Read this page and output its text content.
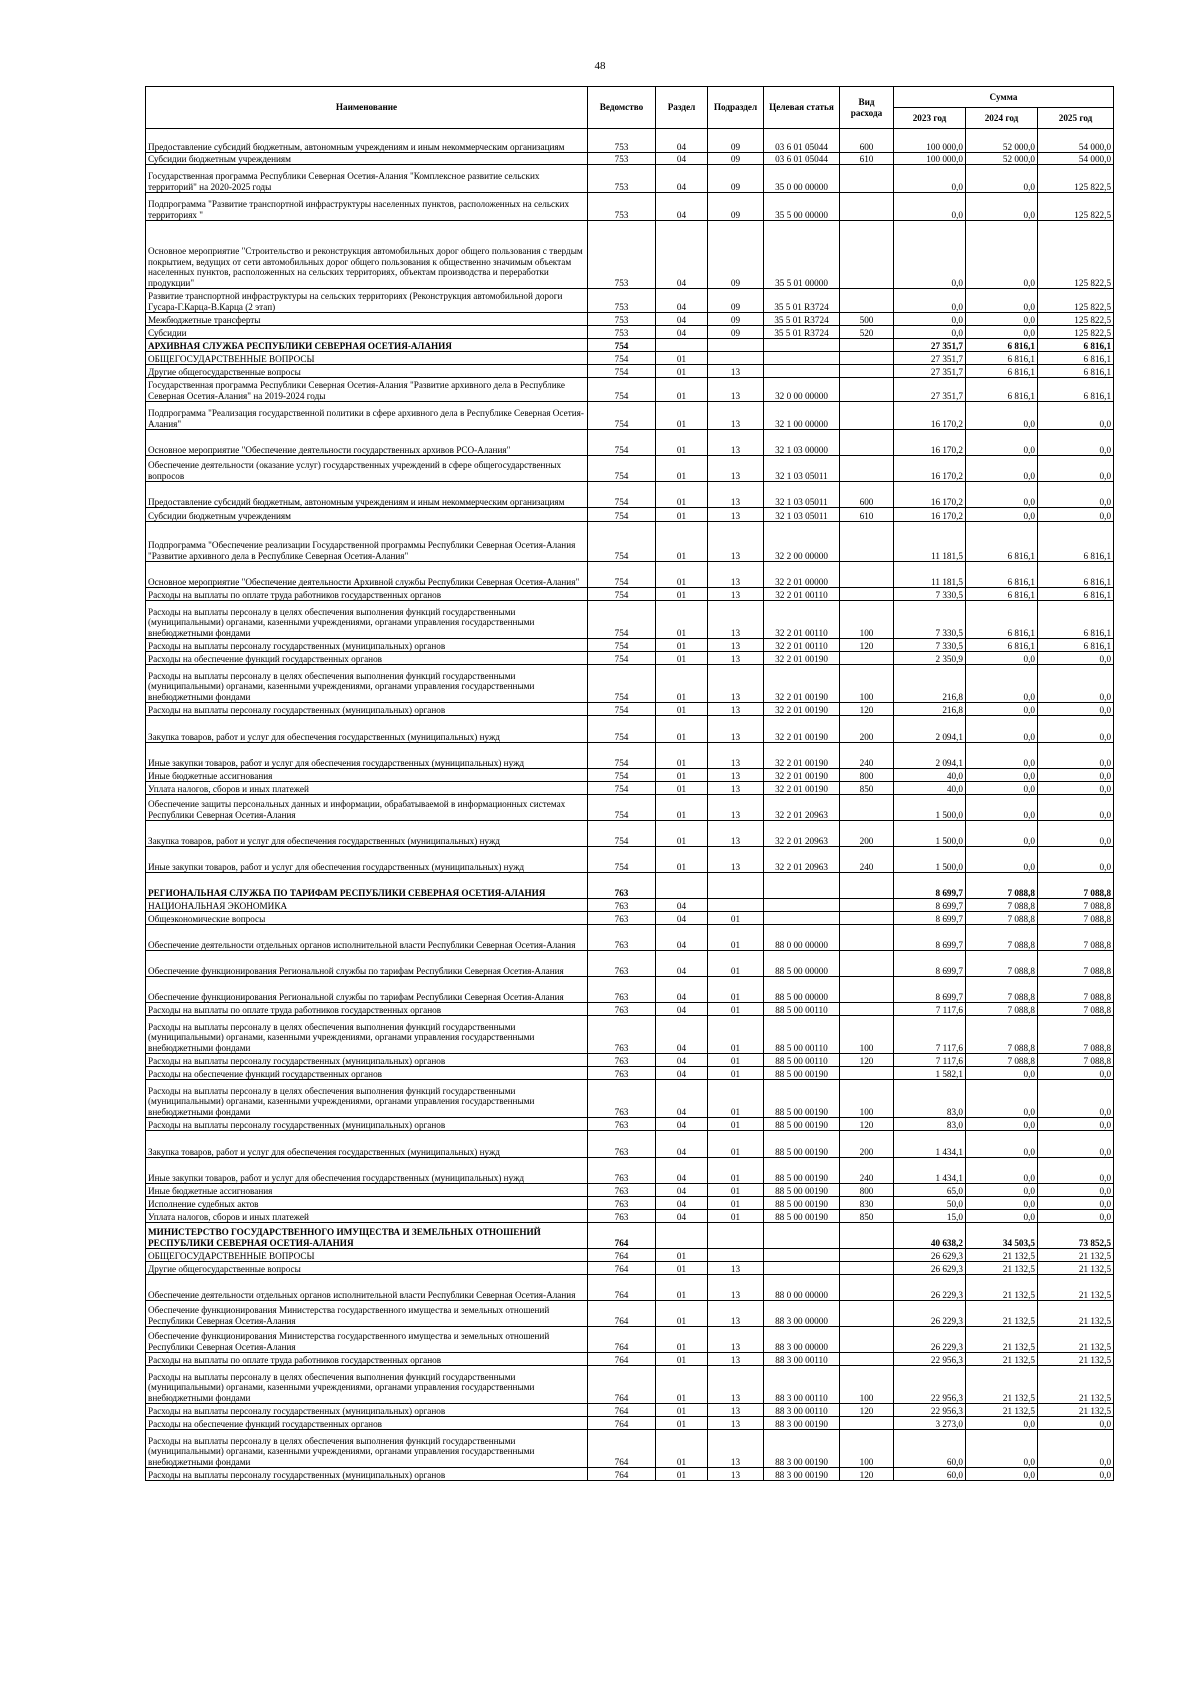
48
Наименование	Ведомство	Раздел	Подраздел	Целевая статья	Вид расхода	Сумма		
						2023 год	2024 год	2025 год
Предоставление субсидий бюджетным, автономным учреждениям и иным некоммерческим организациям	753	04	09	03 6 01 05044	600	100 000,0	52 000,0	54 000,0
Субсидии бюджетным учреждениям	753	04	09	03 6 01 05044	610	100 000,0	52 000,0	54 000,0
Государственная программа Республики Северная Осетия-Алания "Комплексное развитие сельских территорий" на 2020-2025 годы	753	04	09	35 0 00 00000		0,0	0,0	125 822,5
Подпрограмма "Развитие транспортной инфраструктуры населенных пунктов, расположенных на сельских территориях "	753	04	09	35 5 00 00000		0,0	0,0	125 822,5
Основное мероприятие "Строительство и реконструкция автомобильных дорог общего пользования с твердым покрытием, ведущих от сети автомобильных дорог общего пользования к общественно значимым объектам населенных пунктов, расположенных на сельских территориях, объектам производства и переработки продукции"	753	04	09	35 5 01 00000		0,0	0,0	125 822,5
Развитие транспортной инфраструктуры на сельских территориях (Реконструкция автомобильной дороги Гусара-Г.Карца-В.Карца (2 этап)	753	04	09	35 5 01 R3724		0,0	0,0	125 822,5
Межбюджетные трансферты	753	04	09	35 5 01 R3724	500	0,0	0,0	125 822,5
Субсидии	753	04	09	35 5 01 R3724	520	0,0	0,0	125 822,5
АРХИВНАЯ СЛУЖБА РЕСПУБЛИКИ СЕВЕРНАЯ ОСЕТИЯ-АЛАНИЯ	754					27 351,7	6 816,1	6 816,1
ОБЩЕГОСУДАРСТВЕННЫЕ ВОПРОСЫ	754	01				27 351,7	6 816,1	6 816,1
Другие общегосударственные вопросы	754	01	13			27 351,7	6 816,1	6 816,1
Государственная программа Республики Северная Осетия-Алания "Развитие архивного дела в Республике Северная Осетия-Алания" на 2019-2024 годы	754	01	13	32 0 00 00000		27 351,7	6 816,1	6 816,1
Подпрограмма "Реализация государственной политики в сфере архивного дела в Республике Северная Осетия-Алания"	754	01	13	32 1 00 00000		16 170,2	0,0	0,0
Основное мероприятие "Обеспечение деятельности государственных архивов РСО-Алания"	754	01	13	32 1 03 00000		16 170,2	0,0	0,0
Обеспечение деятельности (оказание услуг) государственных учреждений в сфере общегосударственных вопросов	754	01	13	32 1 03 05011		16 170,2	0,0	0,0
Предоставление субсидий бюджетным, автономным учреждениям и иным некоммерческим организациям	754	01	13	32 1 03 05011	600	16 170,2	0,0	0,0
Субсидии бюджетным учреждениям	754	01	13	32 1 03 05011	610	16 170,2	0,0	0,0
Подпрограмма "Обеспечение реализации Государственной программы Республики Северная Осетия-Алания "Развитие архивного дела в Республике Северная Осетия-Алания"	754	01	13	32 2 00 00000		11 181,5	6 816,1	6 816,1
Основное мероприятие "Обеспечение деятельности Архивной службы Республики Северная Осетия-Алания"	754	01	13	32 2 01 00000		11 181,5	6 816,1	6 816,1
Расходы на выплаты по оплате труда работников государственных органов	754	01	13	32 2 01 00110		7 330,5	6 816,1	6 816,1
Расходы на выплаты персоналу в целях обеспечения выполнения функций государственными (муниципальными) органами, казенными учреждениями, органами управления государственными внебюджетными фондами	754	01	13	32 2 01 00110	100	7 330,5	6 816,1	6 816,1
Расходы на выплаты персоналу государственных (муниципальных) органов	754	01	13	32 2 01 00110	120	7 330,5	6 816,1	6 816,1
Расходы на обеспечение функций государственных органов	754	01	13	32 2 01 00190		2 350,9	0,0	0,0
Расходы на выплаты персоналу в целях обеспечения выполнения функций государственными (муниципальными) органами, казенными учреждениями, органами управления государственными внебюджетными фондами	754	01	13	32 2 01 00190	100	216,8	0,0	0,0
Расходы на выплаты персоналу государственных (муниципальных) органов	754	01	13	32 2 01 00190	120	216,8	0,0	0,0
Закупка товаров, работ и услуг для обеспечения государственных (муниципальных) нужд	754	01	13	32 2 01 00190	200	2 094,1	0,0	0,0
Иные закупки товаров, работ и услуг для обеспечения государственных (муниципальных) нужд	754	01	13	32 2 01 00190	240	2 094,1	0,0	0,0
Иные бюджетные ассигнования	754	01	13	32 2 01 00190	800	40,0	0,0	0,0
Уплата налогов, сборов и иных платежей	754	01	13	32 2 01 00190	850	40,0	0,0	0,0
Обеспечение защиты персональных данных и информации, обрабатываемой в информационных системах Республики Северная Осетия-Алания	754	01	13	32 2 01 20963		1 500,0	0,0	0,0
Закупка товаров, работ и услуг для обеспечения государственных (муниципальных) нужд	754	01	13	32 2 01 20963	200	1 500,0	0,0	0,0
Иные закупки товаров, работ и услуг для обеспечения государственных (муниципальных) нужд	754	01	13	32 2 01 20963	240	1 500,0	0,0	0,0
РЕГИОНАЛЬНАЯ СЛУЖБА ПО ТАРИФАМ РЕСПУБЛИКИ СЕВЕРНАЯ ОСЕТИЯ-АЛАНИЯ	763					8 699,7	7 088,8	7 088,8
НАЦИОНАЛЬНАЯ ЭКОНОМИКА	763	04				8 699,7	7 088,8	7 088,8
Общеэкономические вопросы	763	04	01			8 699,7	7 088,8	7 088,8
Обеспечение деятельности отдельных органов исполнительной власти Республики Северная Осетия-Алания	763	04	01	88 0 00 00000		8 699,7	7 088,8	7 088,8
Обеспечение функционирования Региональной службы по тарифам Республики Северная Осетия-Алания	763	04	01	88 5 00 00000		8 699,7	7 088,8	7 088,8
Обеспечение функционирования Региональной службы по тарифам Республики Северная Осетия-Алания	763	04	01	88 5 00 00000		8 699,7	7 088,8	7 088,8
Расходы на выплаты по оплате труда работников государственных органов	763	04	01	88 5 00 00110		7 117,6	7 088,8	7 088,8
Расходы на выплаты персоналу в целях обеспечения выполнения функций государственными (муниципальными) органами, казенными учреждениями, органами управления государственными внебюджетными фондами	763	04	01	88 5 00 00110	100	7 117,6	7 088,8	7 088,8
Расходы на выплаты персоналу государственных (муниципальных) органов	763	04	01	88 5 00 00110	120	7 117,6	7 088,8	7 088,8
Расходы на обеспечение функций государственных органов	763	04	01	88 5 00 00190		1 582,1	0,0	0,0
Расходы на выплаты персоналу в целях обеспечения выполнения функций государственными (муниципальными) органами, казенными учреждениями, органами управления государственными внебюджетными фондами	763	04	01	88 5 00 00190	100	83,0	0,0	0,0
Расходы на выплаты персоналу государственных (муниципальных) органов	763	04	01	88 5 00 00190	120	83,0	0,0	0,0
Закупка товаров, работ и услуг для обеспечения государственных (муниципальных) нужд	763	04	01	88 5 00 00190	200	1 434,1	0,0	0,0
Иные закупки товаров, работ и услуг для обеспечения государственных (муниципальных) нужд	763	04	01	88 5 00 00190	240	1 434,1	0,0	0,0
Иные бюджетные ассигнования	763	04	01	88 5 00 00190	800	65,0	0,0	0,0
Исполнение судебных актов	763	04	01	88 5 00 00190	830	50,0	0,0	0,0
Уплата налогов, сборов и иных платежей	763	04	01	88 5 00 00190	850	15,0	0,0	0,0
МИНИСТЕРСТВО ГОСУДАРСТВЕННОГО ИМУЩЕСТВА И ЗЕМЕЛЬНЫХ ОТНОШЕНИЙ РЕСПУБЛИКИ СЕВЕРНАЯ ОСЕТИЯ-АЛАНИЯ	764					40 638,2	34 503,5	73 852,5
ОБЩЕГОСУДАРСТВЕННЫЕ ВОПРОСЫ	764	01				26 629,3	21 132,5	21 132,5
Другие общегосударственные вопросы	764	01	13			26 629,3	21 132,5	21 132,5
Обеспечение деятельности отдельных органов исполнительной власти Республики Северная Осетия-Алания	764	01	13	88 0 00 00000		26 229,3	21 132,5	21 132,5
Обеспечение функционирования Министерства государственного имущества и земельных отношений Республики Северная Осетия-Алания	764	01	13	88 3 00 00000		26 229,3	21 132,5	21 132,5
Обеспечение функционирования Министерства государственного имущества и земельных отношений Республики Северная Осетия-Алания	764	01	13	88 3 00 00000		26 229,3	21 132,5	21 132,5
Расходы на выплаты по оплате труда работников государственных органов	764	01	13	88 3 00 00110		22 956,3	21 132,5	21 132,5
Расходы на выплаты персоналу в целях обеспечения выполнения функций государственными (муниципальными) органами, казенными учреждениями, органами управления государственными внебюджетными фондами	764	01	13	88 3 00 00110	100	22 956,3	21 132,5	21 132,5
Расходы на выплаты персоналу государственных (муниципальных) органов	764	01	13	88 3 00 00110	120	22 956,3	21 132,5	21 132,5
Расходы на обеспечение функций государственных органов	764	01	13	88 3 00 00190		3 273,0	0,0	0,0
Расходы на выплаты персоналу в целях обеспечения выполнения функций государственными (муниципальными) органами, казенными учреждениями, органами управления государственными внебюджетными фондами	764	01	13	88 3 00 00190	100	60,0	0,0	0,0
Расходы на выплаты персоналу государственных (муниципальных) органов	764	01	13	88 3 00 00190	120	60,0	0,0	0,0
